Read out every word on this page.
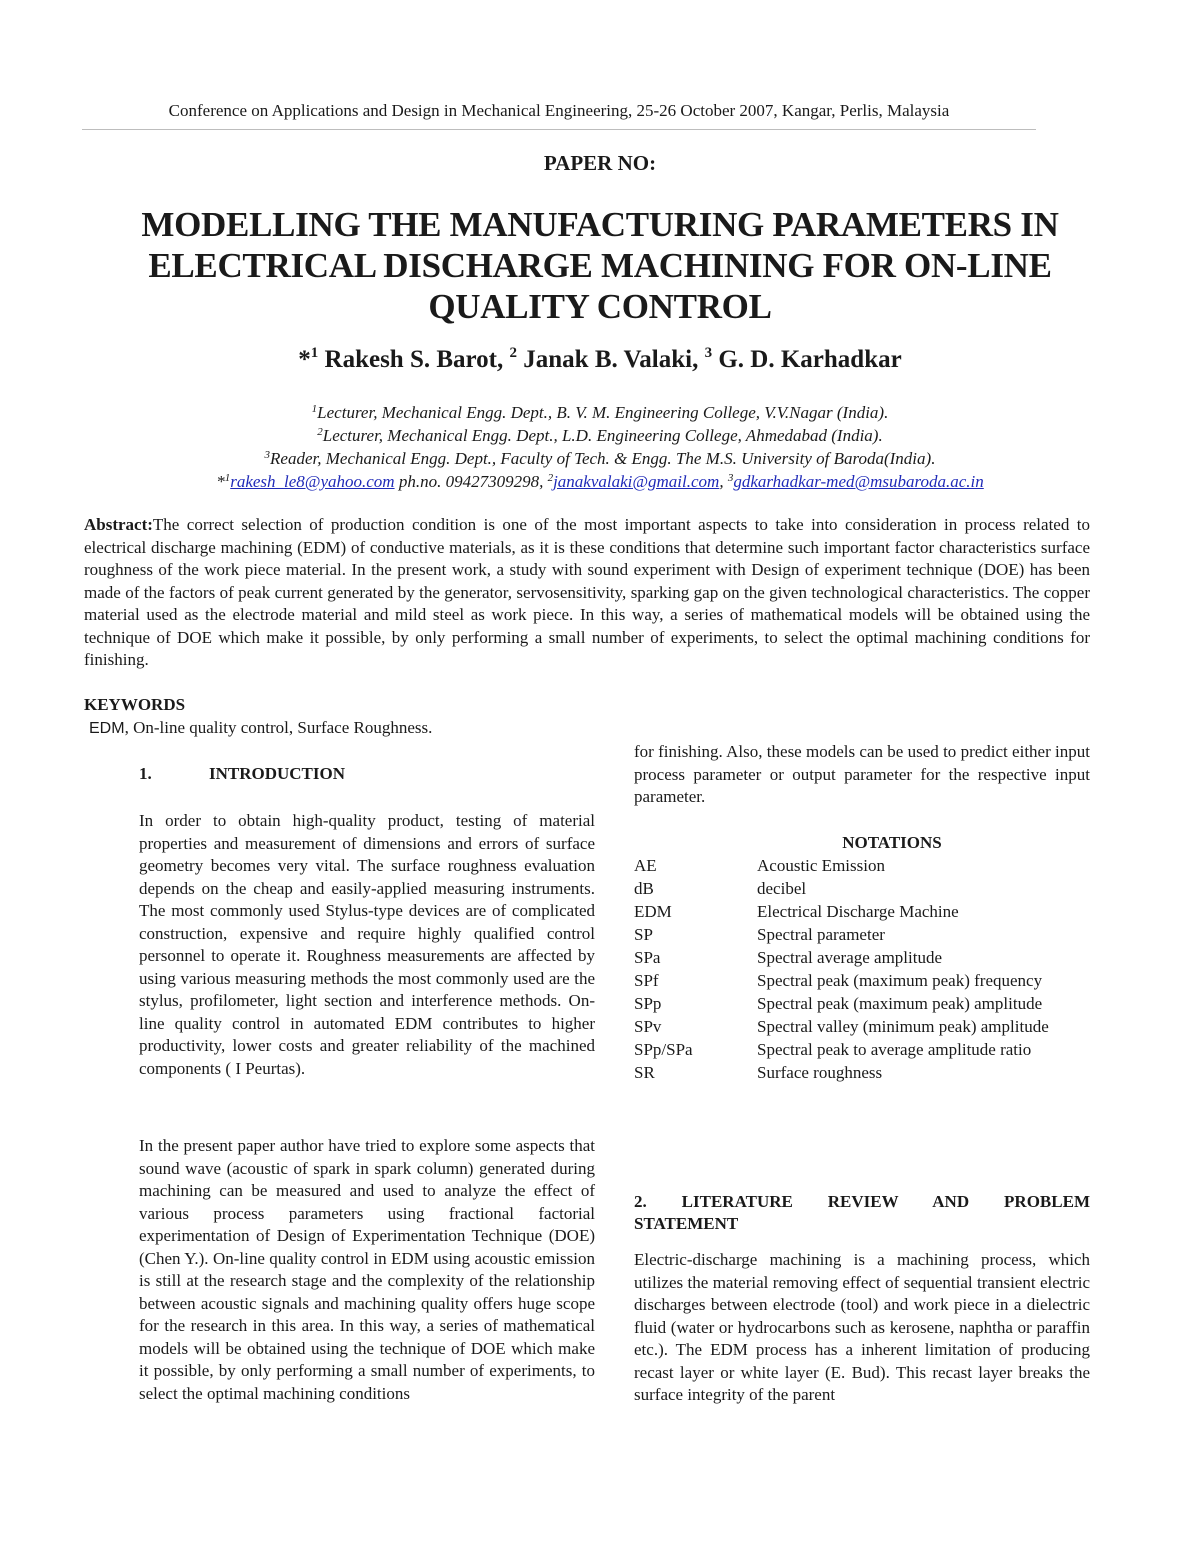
Conference on Applications and Design in Mechanical Engineering, 25-26 October 2007, Kangar, Perlis, Malaysia
PAPER NO:
MODELLING THE MANUFACTURING PARAMETERS IN
ELECTRICAL DISCHARGE MACHINING FOR ON-LINE
QUALITY CONTROL
*$^1$ Rakesh S. Barot, $^2$ Janak B. Valaki, $^3$ G. D. Karhadkar
$^1$Lecturer, Mechanical Engg. Dept., B. V. M. Engineering College, V.V.Nagar (India).
$^2$Lecturer, Mechanical Engg. Dept., L.D. Engineering College, Ahmedabad (India).
$^3$Reader, Mechanical Engg. Dept., Faculty of Tech. & Engg. The M.S. University of Baroda(India).
*$^1$rakesh_le8@yahoo.com ph.no. 09427309298, $^2$janakvalaki@gmail.com, $^3$gdkarhadkar-med@msubaroda.ac.in
Abstract:The correct selection of production condition is one of the most important aspects to take into consideration in process related to electrical discharge machining (EDM) of conductive materials, as it is these conditions that determine such important factor characteristics surface roughness of the work piece material. In the present work, a study with sound experiment with Design of experiment technique (DOE) has been made of the factors of peak current generated by the generator, servosensitivity, sparking gap on the given technological characteristics. The copper material used as the electrode material and mild steel as work piece. In this way, a series of mathematical models will be obtained using the technique of DOE which make it possible, by only performing a small number of experiments, to select the optimal machining conditions for finishing.
KEYWORDS
EDM, On-line quality control, Surface Roughness.
1.	INTRODUCTION
In order to obtain high-quality product, testing of material properties and measurement of dimensions and errors of surface geometry becomes very vital. The surface roughness evaluation depends on the cheap and easily-applied measuring instruments. The most commonly used Stylus-type devices are of complicated construction, expensive and require highly qualified control personnel to operate it. Roughness measurements are affected by using various measuring methods the most commonly used are the stylus, profilometer, light section and interference methods. On-line quality control in automated EDM contributes to higher productivity, lower costs and greater reliability of the machined components ( I Peurtas).
In the present paper author have tried to explore some aspects that sound wave (acoustic of spark in spark column) generated during machining can be measured and used to analyze the effect of various process parameters using fractional factorial experimentation of Design of Experimentation Technique (DOE) (Chen Y.). On-line quality control in EDM using acoustic emission is still at the research stage and the complexity of the relationship between acoustic signals and machining quality offers huge scope for the research in this area. In this way, a series of mathematical models will be obtained using the technique of DOE which make it possible, by only performing a small number of experiments, to select the optimal machining conditions
for finishing. Also, these models can be used to predict either input process parameter or output parameter for the respective input parameter.
NOTATIONS
AE	Acoustic Emission
dB	decibel
EDM	Electrical Discharge Machine
SP	Spectral parameter
SPa	Spectral average amplitude
SPf	Spectral peak (maximum peak) frequency
SPp	Spectral peak (maximum peak) amplitude
SPv	Spectral valley (minimum peak) amplitude
SPp/SPa	Spectral peak to average amplitude ratio
SR	Surface roughness
2. LITERATURE REVIEW AND PROBLEM
STATEMENT
Electric-discharge machining is a machining process, which utilizes the material removing effect of sequential transient electric discharges between electrode (tool) and work piece in a dielectric fluid (water or hydrocarbons such as kerosene, naphtha or paraffin etc.). The EDM process has a inherent limitation of producing recast layer or white layer (E. Bud). This recast layer breaks the surface integrity of the parent
